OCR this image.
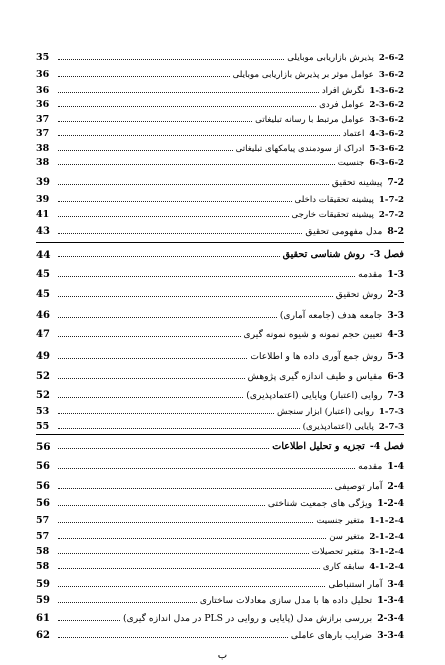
35	2-6-2پذیرش بازاریابی موبایلی
36	3-6-2عوامل موثر بر پذیرش بازاریابی موبایلی
36	1-3-6-2نگرش افراد
36	2-3-6-2عوامل فردی
37	3-3-6-2عوامل مرتبط با رسانه تبلیغاتی
37	4-3-6-2اعتماد
38	5-3-6-2ادراک از سودمندی پیامکهای تبلیغاتی
38	6-3-6-2جنسیت
39	7-2پیشینه تحقیق
39	1-7-2پیشینه تحقیقات داخلی
41	2-7-2پیشینه تحقیقات خارجی
43	8-2مدل مفهومی تحقیق
44	فصل 3-روش شناسی تحقیق
45	1-3مقدمه
45	2-3روش تحقیق
46	3-3جامعه هدف (جامعه آماری)
47	4-3تعیین حجم نمونه و شیوه نمونه گیری
49	5-3روش جمع آوری داده ها و اطلاعات
52	6-3مقیاس و طیف اندازه گیری پژوهش
52	7-3روایی (اعتبار) وپایایی (اعتمادپذیری)
53	1-7-3روایی (اعتبار) ابزار سنجش
55	2-7-3پایایی (اعتمادپذیری)
56	فصل 4-تجزیه و تحلیل اطلاعات
56	1-4مقدمه
56	2-4آمار توصیفی
56	1-2-4ویژگی های جمعیت شناختی
57	1-1-2-4متغیر جنسیت
57	2-1-2-4متغیر سن
58	3-1-2-4متغیر تحصیلات
58	4-1-2-4سابقه کاری
59	3-4آمار استنباطی
59	1-3-4تحلیل داده ها با مدل سازی معادلات ساختاری
61	2-3-4بررسی برازش مدل (پایایی و روایی در PLS در مدل اندازه گیری)
62	3-3-4ضرایب بارهای عاملی
ب
